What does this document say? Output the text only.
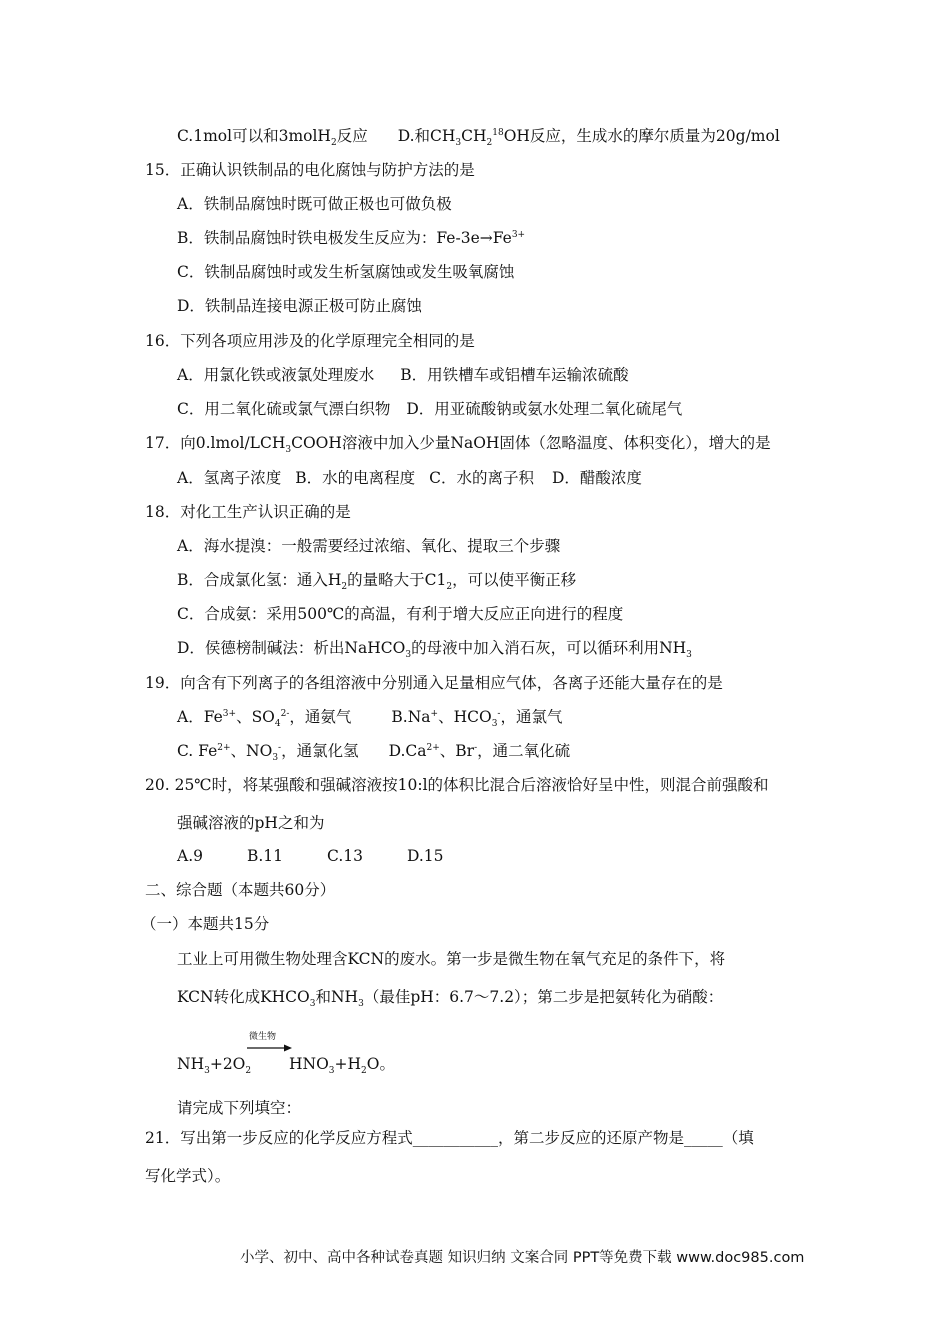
C.1mol可以和3molH$_2$反应 D.和$CH_3CH_2^{18}OH$反应，生成水的摩尔质量为20g/mol
15．正确认识铁制品的电化腐蚀与防护方法的是
A．铁制品腐蚀时既可做正极也可做负极
B．铁制品腐蚀时铁电极发生反应为：$Fe-3e\to Fe^{3+}$
C．铁制品腐蚀时或发生析氢腐蚀或发生吸氧腐蚀
D．铁制品连接电源正极可防止腐蚀
16．下列各项应用涉及的化学原理完全相同的是
A．用氯化铁或液氯处理废水 B．用铁槽车或铝槽车运输浓硫酸
C．用二氧化硫或氯气漂白织物 D．用亚硫酸钠或氨水处理二氧化硫尾气
17．向$0.lmol/LCH_3COOH$溶液中加入少量NaOH固体（忽略温度、体积变化），增大的是
A．氢离子浓度 B．水的电离程度 C．水的离子积 D．醋酸浓度
18．对化工生产认识正确的是
A．海水提溴：一般需要经过浓缩、氧化、提取三个步骤
B．合成氯化氢：通入$H_2$的量略大于$C1_2$，可以使平衡正移
C．合成氨：采用500℃的高温，有利于增大反应正向进行的程度
D．侯德榜制碱法：析出NaHCO$_3$的母液中加入消石灰，可以循环利用$NH_3$
19．向含有下列离子的各组溶液中分别通入足量相应气体，各离子还能大量存在的是
A．$Fe^{3+}$、$SO_4^{2-}$，通氨气	B.Na+、$HCO_3^-$，通氯气
C. $Fe^{2+}$、$NO_3^-$，通氯化氢 $D.Ca^{2+}$、Br-，通二氧化硫
20. 25℃时，将某强酸和强碱溶液按10:l的体积比混合后溶液恰好呈中性，则混合前强酸和
强碱溶液的pH之和为
A.9	B.11	C.13	D.15
二、综合题（本题共60分）
（一）本题共15分
工业上可用微生物处理含KCN的废水。第一步是微生物在氧气充足的条件下，将
KCN转化成$KHCO_3$和$NH_3$（最佳pH：6.7～7.2）；第二步是把氨转化为硝酸：
$NH_3+2O_2$
微生物
$HNO_3+H_2O$。
请完成下列填空：
21．写出第一步反应的化学反应方程式___________，第二步反应的还原产物是_____（填
写化学式）。
小学、初中、高中各种试卷真题 知识归纳 文案合同 PPT等免费下载 www.doc985.com
